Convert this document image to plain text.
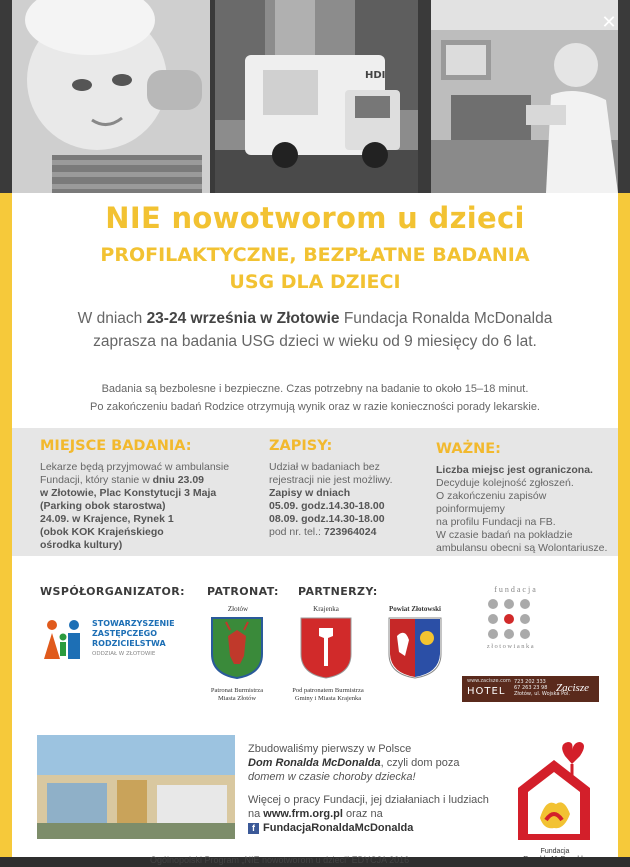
HDI
✕
NIE nowotworom u dzieci
PROFILAKTYCZNE, BEZPŁATNE BADANIA
USG DLA DZIECI
W dniach 23-24 września w Złotowie Fundacja Ronalda McDonalda
zaprasza na badania USG dzieci w wieku od 9 miesięcy do 6 lat.
Badania są bezbolesne i bezpieczne. Czas potrzebny na badanie to około 15–18 minut.
Po zakończeniu badań Rodzice otrzymują wynik oraz w razie konieczności porady lekarskie.
MIEJSCE BADANIA:
Lekarze będą przyjmować w ambulansie
Fundacji, który stanie w dniu 23.09
w Złotowie, Plac Konstytucji 3 Maja
(Parking obok starostwa)
24.09. w Krajence, Rynek 1
(obok KOK Krajeńskiego
ośrodka kultury)
ZAPISY:
Udział w badaniach bez
rejestracji nie jest możliwy.
Zapisy w dniach
05.09. godz.14.30-18.00
08.09. godz.14.30-18.00
pod nr. tel.: 723964024
WAŻNE:
Liczba miejsc jest ograniczona.
Decyduje kolejność zgłoszeń.
O zakończeniu zapisów poinformujemy
na profilu Fundacji na FB.
W czasie badań na pokładzie
ambulansu obecni są Wolontariusze.
WSPÓŁORGANIZATOR: PATRONAT: PARTNERZY:
STOWARZYSZENIE
ZASTĘPCZEGO
RODZICIELSTWA
ODDZIAŁ W ZŁOTOWIE
Złotów
Patronat Burmistrza
Miasta Złotów
Krajenka
Pod patronatem Burmistrza
Gminy i Miasta Krajenka
Powiat Złotowski
fundacja
złotowianka
www.zacisze.com
HOTEL
723 202 333
67 263 23 98
Złotów, ul. Wojska Pol.
Zacisze
Zbudowaliśmy pierwszy w Polsce
Dom Ronalda McDonalda, czyli dom poza
domem w czasie choroby dziecka!
Więcej o pracy Fundacji, jej działaniach i ludziach
na www.frm.org.pl oraz na
f FundacjaRonaldaMcDonalda
Fundacja
Ogólnopolski Program „NIE nowotworom u dzieci” EDYCJA 2016
